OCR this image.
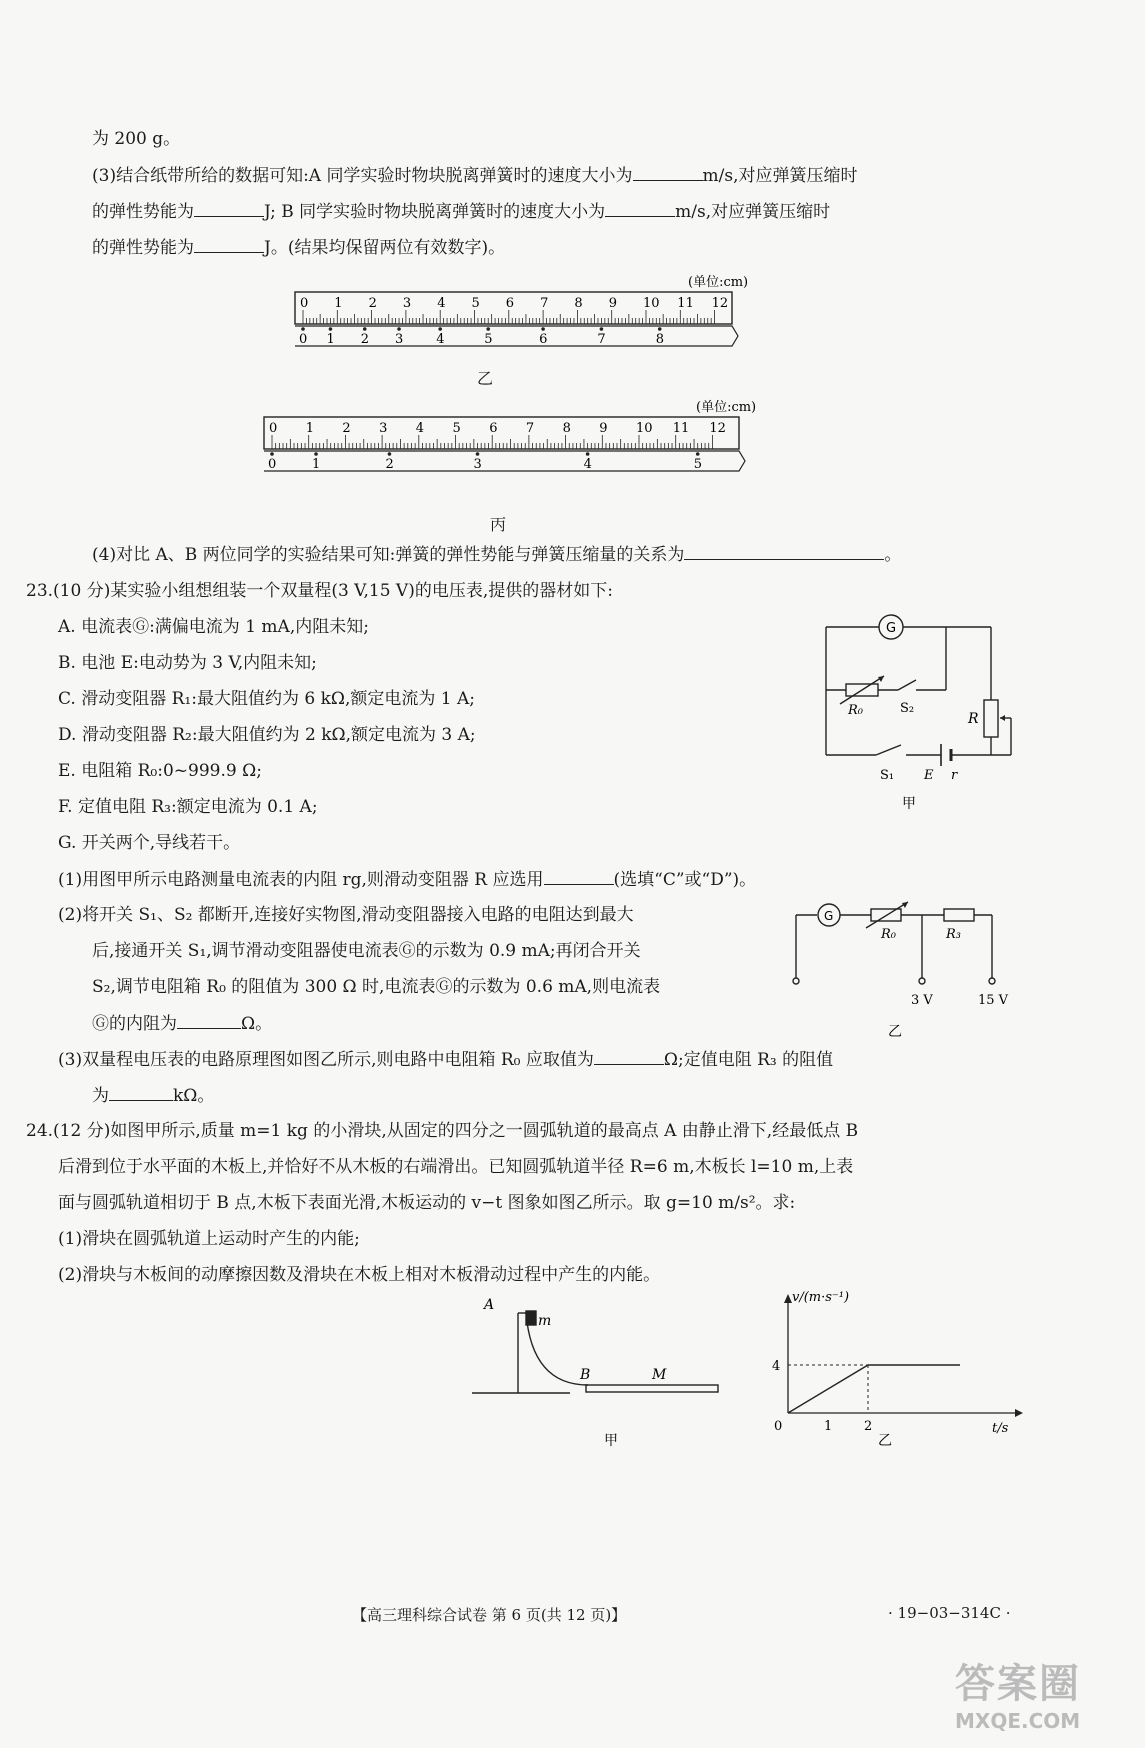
为 200 g。
(3)结合纸带所给的数据可知:A 同学实验时物块脱离弹簧时的速度大小为	m/s,对应弹簧压缩时
的弹性势能为	J; B 同学实验时物块脱离弹簧时的速度大小为	m/s,对应弹簧压缩时
的弹性势能为	J。(结果均保留两位有效数字)。
(单位:cm)
0 1 2 3 4 5 6 7 8 9 10 11 12
0 1 2 3	4	5	6	7	8
乙
(单位:cm)
0 1 2 3 4 5 6 7 8 9 10 11 12
0	1	2	3	4	5
丙
(4)对比 A、B 两位同学的实验结果可知:弹簧的弹性势能与弹簧压缩量的关系为	。
23.(10 分)某实验小组想组装一个双量程(3 V,15 V)的电压表,提供的器材如下:
A. 电流表Ⓖ:满偏电流为 1 mA,内阻未知;
B. 电池 E:电动势为 3 V,内阻未知;
C. 滑动变阻器 R₁:最大阻值约为 6 kΩ,额定电流为 1 A;
D. 滑动变阻器 R₂:最大阻值约为 2 kΩ,额定电流为 3 A;
E. 电阻箱 R₀:0~999.9 Ω;
F. 定值电阻 R₃:额定电流为 0.1 A;
G. 开关两个,导线若干。
G
R₀	S₂
R
S₁ E r
甲
(1)用图甲所示电路测量电流表的内阻 rg,则滑动变阻器 R 应选用	(选填“C”或“D”)。
(2)将开关 S₁、S₂ 都断开,连接好实物图,滑动变阻器接入电路的电阻达到最大
后,接通开关 S₁,调节滑动变阻器使电流表Ⓖ的示数为 0.9 mA;再闭合开关
S₂,调节电阻箱 R₀ 的阻值为 300 Ω 时,电流表Ⓖ的示数为 0.6 mA,则电流表
Ⓖ的内阻为	Ω。
G
R₀	R₃
3 V	15 V
乙
(3)双量程电压表的电路原理图如图乙所示,则电路中电阻箱 R₀ 应取值为	Ω;定值电阻 R₃ 的阻值
为	kΩ。
24.(12 分)如图甲所示,质量 m=1 kg 的小滑块,从固定的四分之一圆弧轨道的最高点 A 由静止滑下,经最低点 B
后滑到位于水平面的木板上,并恰好不从木板的右端滑出。已知圆弧轨道半径 R=6 m,木板长 l=10 m,上表
面与圆弧轨道相切于 B 点,木板下表面光滑,木板运动的 v−t 图象如图乙所示。取 g=10 m/s²。求:
(1)滑块在圆弧轨道上运动时产生的内能;
(2)滑块与木板间的动摩擦因数及滑块在木板上相对木板滑动过程中产生的内能。
A
m
B	M
甲
v/(m·s⁻¹)
t/s
4
0	1 2
乙
【高三理科综合试卷 第 6 页(共 12 页)】	· 19−03−314C ·
答案圈
MXQE.COM
